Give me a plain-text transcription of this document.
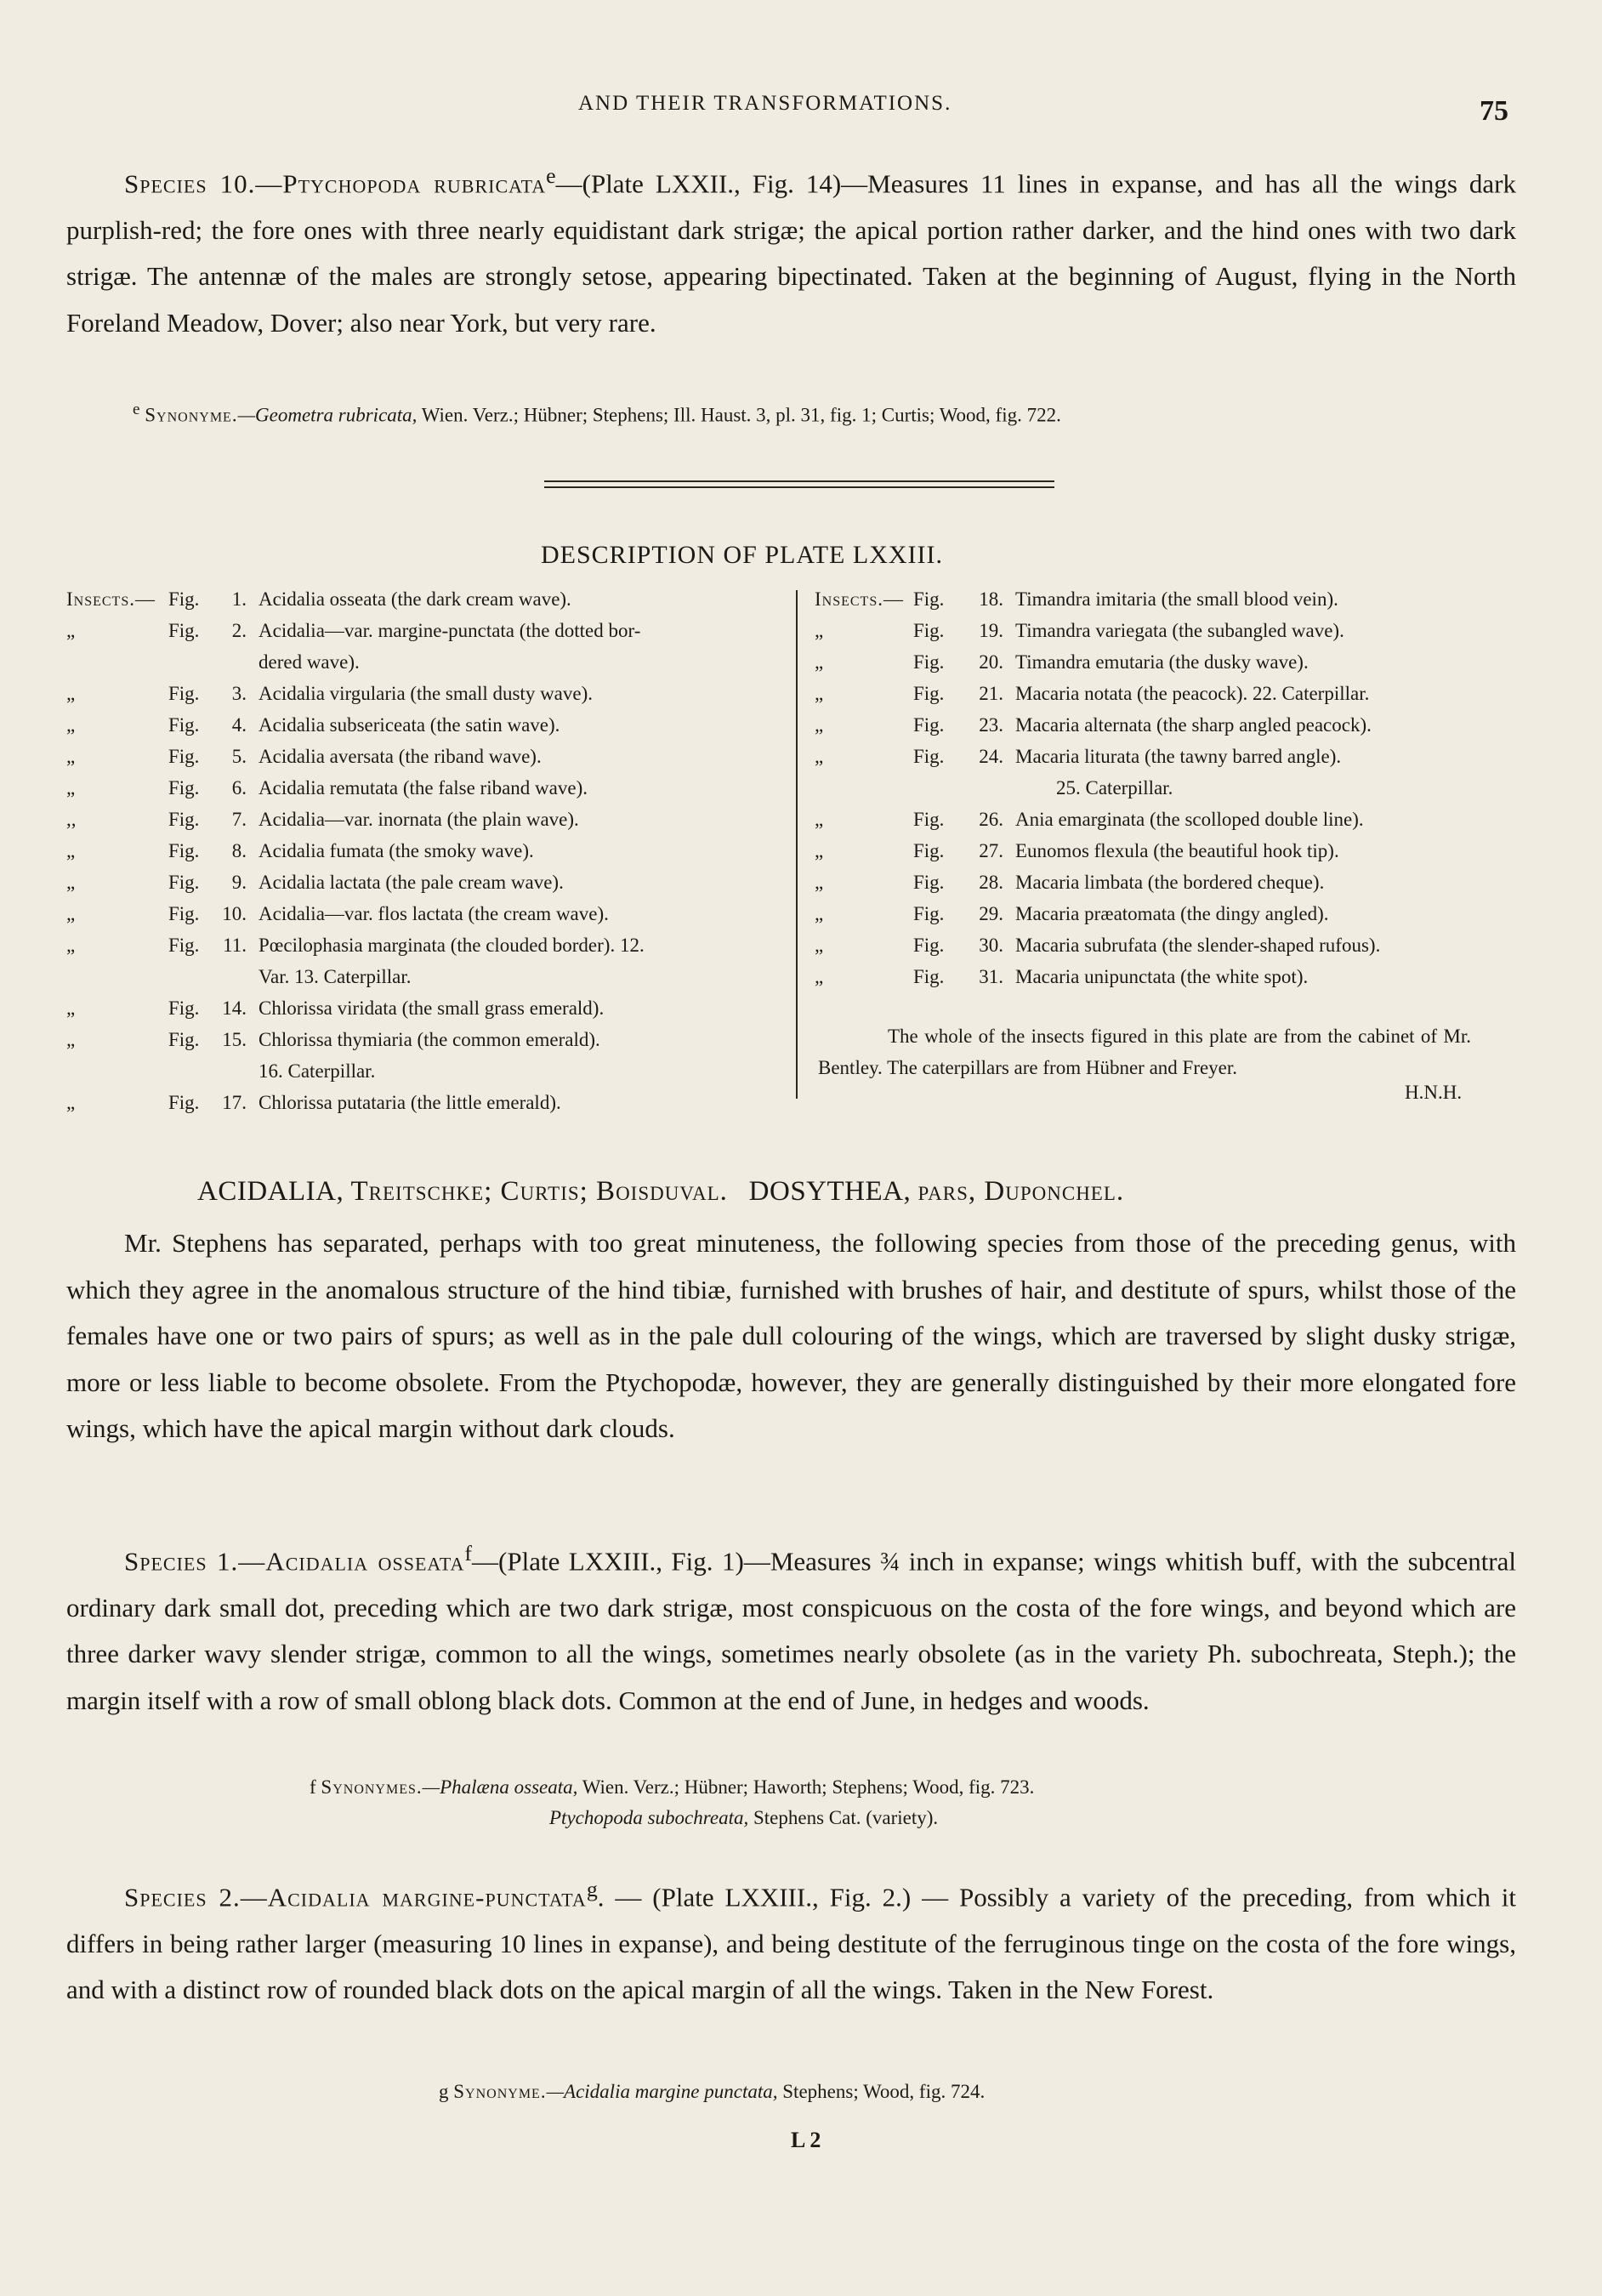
AND THEIR TRANSFORMATIONS.	75

Species 10.—Ptychopoda rubricata$^e$—(Plate LXXII., Fig. 14)—Measures 11 lines in expanse, and has all the wings dark purplish-red; the fore ones with three nearly equidistant dark strigæ; the apical portion rather darker, and the hind ones with two dark strigæ. The antennæ of the males are strongly setose, appearing bipectinated. Taken at the beginning of August, flying in the North Foreland Meadow, Dover; also near York, but very rare.

$^e$ Synonyme.—Geometra rubricata, Wien. Verz.; Hübner; Stephens; Ill. Haust. 3, pl. 31, fig. 1; Curtis; Wood, fig. 722.
DESCRIPTION OF PLATE LXXIII.
Insects.— Fig.	1. Acidalia osseata (the dark cream wave).
„	Fig.	2. Acidalia—var. margine-punctata (the dotted bor-
dered wave).
„	Fig.	3. Acidalia virgularia (the small dusty wave).
„	Fig.	4. Acidalia subsericeata (the satin wave).
„	Fig.	5. Acidalia aversata (the riband wave).
„	Fig.	6. Acidalia remutata (the false riband wave).
,,	Fig.	7. Acidalia—var. inornata (the plain wave).
„	Fig.	8. Acidalia fumata (the smoky wave).
„	Fig.	9. Acidalia lactata (the pale cream wave).
„	Fig.	10. Acidalia—var. flos lactata (the cream wave).
„	Fig.	11. Pœcilophasia marginata (the clouded border). 12.
Var. 13. Caterpillar.
„	Fig.	14. Chlorissa viridata (the small grass emerald).
„	Fig.	15. Chlorissa thymiaria (the common emerald).
16. Caterpillar.
„	Fig.	17. Chlorissa putataria (the little emerald).
Insects.— Fig.	18. Timandra imitaria (the small blood vein).
„	Fig.	19. Timandra variegata (the subangled wave).
„	Fig.	20. Timandra emutaria (the dusky wave).
„	Fig.	21. Macaria notata (the peacock). 22. Caterpillar.
„	Fig.	23. Macaria alternata (the sharp angled peacock).
„	Fig.	24. Macaria liturata (the tawny barred angle).
25. Caterpillar.
„	Fig.	26. Ania emarginata (the scolloped double line).
„	Fig.	27. Eunomos flexula (the beautiful hook tip).
„	Fig.	28. Macaria limbata (the bordered cheque).
„	Fig.	29. Macaria præatomata (the dingy angled).
„	Fig.	30. Macaria subrufata (the slender-shaped rufous).
„	Fig.	31. Macaria unipunctata (the white spot).
The whole of the insects figured in this plate are from the cabinet of Mr. Bentley. The caterpillars are from Hübner and Freyer.
H.N.H.
ACIDALIA, Treitschke; Curtis; Boisduval. DOSYTHEA, pars, Duponchel.

Mr. Stephens has separated, perhaps with too great minuteness, the following species from those of the preceding genus, with which they agree in the anomalous structure of the hind tibiæ, furnished with brushes of hair, and destitute of spurs, whilst those of the females have one or two pairs of spurs; as well as in the pale dull colouring of the wings, which are traversed by slight dusky strigæ, more or less liable to become obsolete. From the Ptychopodæ, however, they are generally distinguished by their more elongated fore wings, which have the apical margin without dark clouds.

Species 1.—Acidalia osseata$^f$—(Plate LXXIII., Fig. 1)—Measures ¾ inch in expanse; wings whitish buff, with the subcentral ordinary dark small dot, preceding which are two dark strigæ, most conspicuous on the costa of the fore wings, and beyond which are three darker wavy slender strigæ, common to all the wings, sometimes nearly obsolete (as in the variety Ph. subochreata, Steph.); the margin itself with a row of small oblong black dots. Common at the end of June, in hedges and woods.

f Synonymes.—Phalæna osseata, Wien. Verz.; Hübner; Haworth; Stephens; Wood, fig. 723.
Ptychopoda subochreata, Stephens Cat. (variety).

Species 2.—Acidalia margine-punctata$^g$. — (Plate LXXIII., Fig. 2.) — Possibly a variety of the preceding, from which it differs in being rather larger (measuring 10 lines in expanse), and being destitute of the ferruginous tinge on the costa of the fore wings, and with a distinct row of rounded black dots on the apical margin of all the wings. Taken in the New Forest.

g Synonyme.—Acidalia margine punctata, Stephens; Wood, fig. 724.
L 2
